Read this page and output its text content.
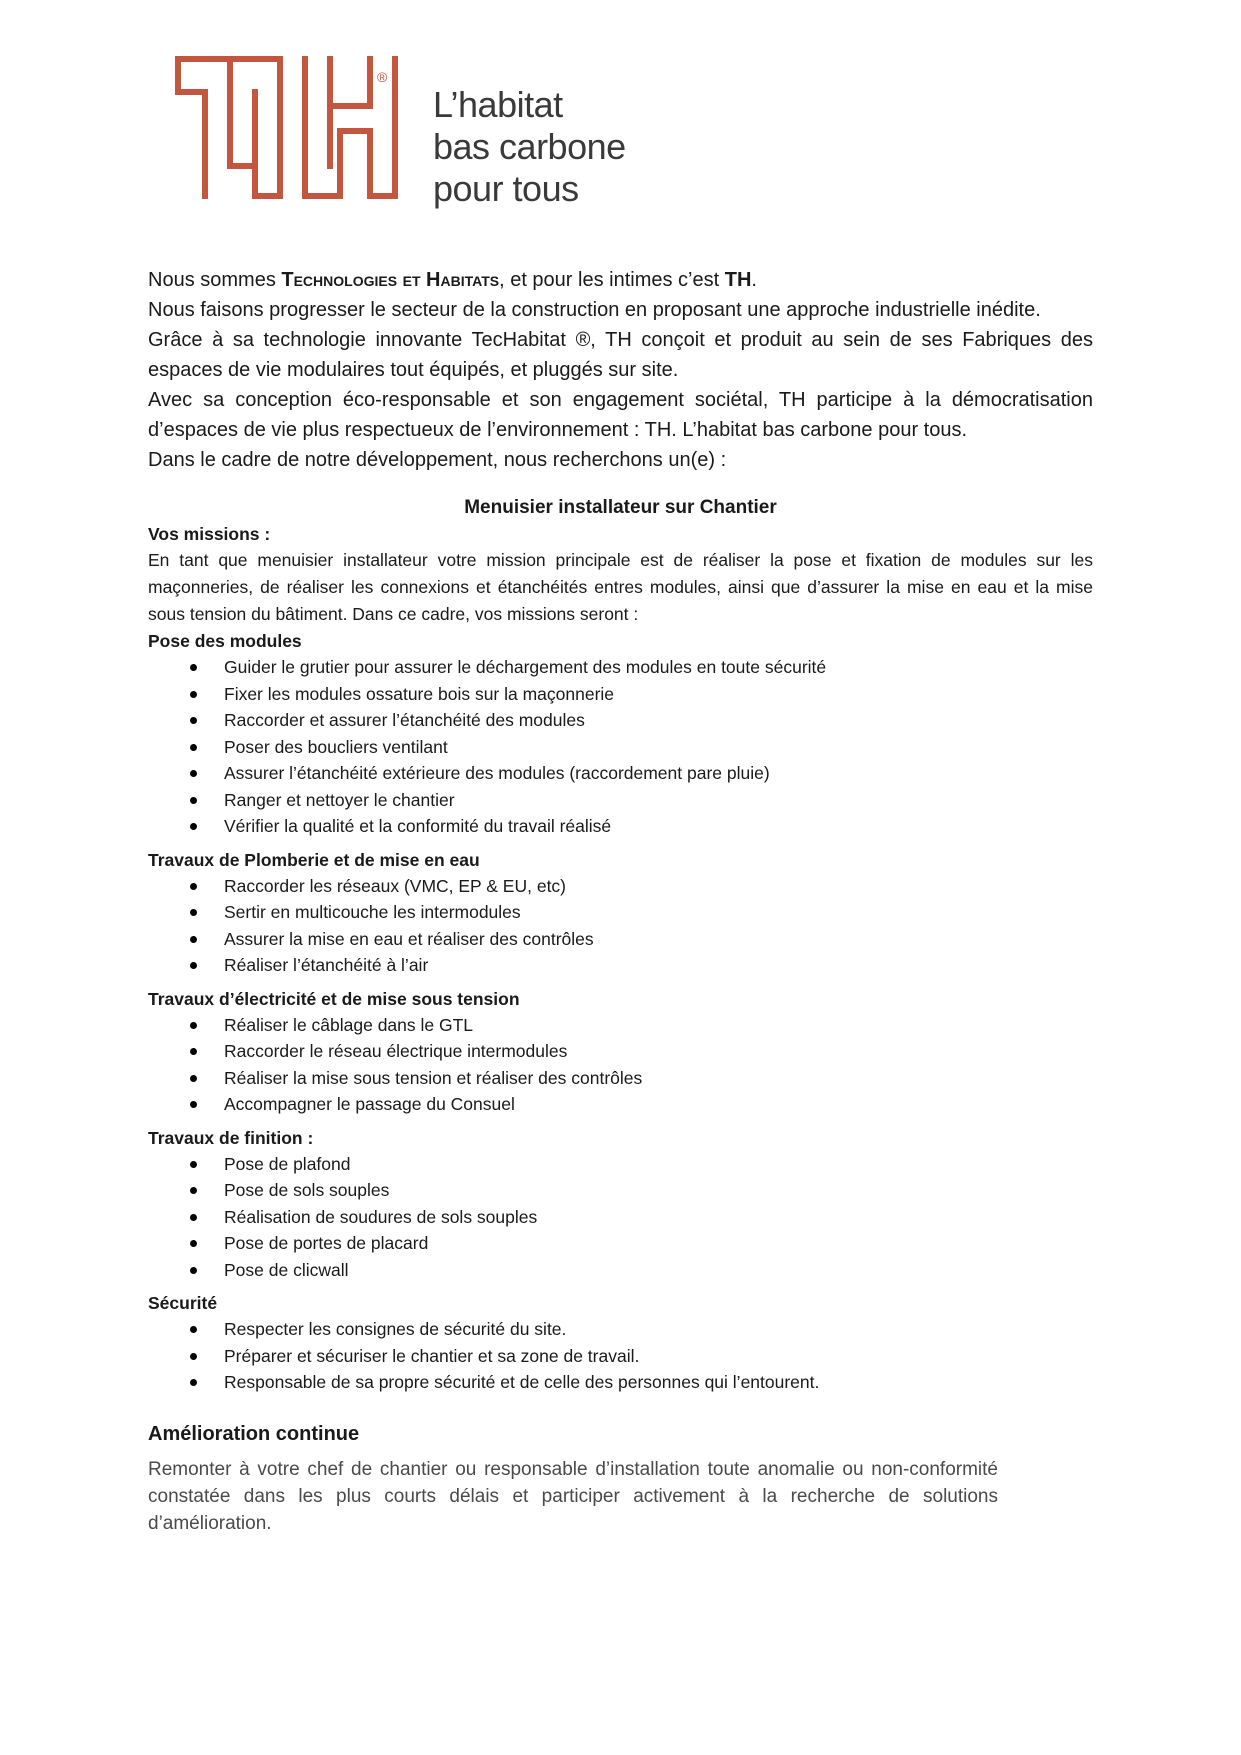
®
L’habitat
bas carbone
pour tous

Nous sommes Technologies et Habitats, et pour les intimes c’est TH.

Nous faisons progresser le secteur de la construction en proposant une approche industrielle inédite.

Grâce à sa technologie innovante TecHabitat ®, TH conçoit et produit au sein de ses Fabriques des espaces de vie modulaires tout équipés, et pluggés sur site.

Avec sa conception éco-responsable et son engagement sociétal, TH participe à la démocratisation d’espaces de vie plus respectueux de l’environnement : TH. L’habitat bas carbone pour tous.

Dans le cadre de notre développement, nous recherchons un(e) :

Menuisier installateur sur Chantier
Vos missions :

En tant que menuisier installateur votre mission principale est de réaliser la pose et fixation de modules sur les maçonneries, de réaliser les connexions et étanchéités entres modules, ainsi que d’assurer la mise en eau et la mise sous tension du bâtiment. Dans ce cadre, vos missions seront :

Pose des modules
Guider le grutier pour assurer le déchargement des modules en toute sécurité
Fixer les modules ossature bois sur la maçonnerie
Raccorder et assurer l’étanchéité des modules
Poser des boucliers ventilant
Assurer l’étanchéité extérieure des modules (raccordement pare pluie)
Ranger et nettoyer le chantier
Vérifier la qualité et la conformité du travail réalisé
Travaux de Plomberie et de mise en eau
Raccorder les réseaux (VMC, EP & EU, etc)
Sertir en multicouche les intermodules
Assurer la mise en eau et réaliser des contrôles
Réaliser l’étanchéité à l’air
Travaux d’électricité et de mise sous tension
Réaliser le câblage dans le GTL
Raccorder le réseau électrique intermodules
Réaliser la mise sous tension et réaliser des contrôles
Accompagner le passage du Consuel
Travaux de finition :
Pose de plafond
Pose de sols souples
Réalisation de soudures de sols souples
Pose de portes de placard
Pose de clicwall
Sécurité
Respecter les consignes de sécurité du site.
Préparer et sécuriser le chantier et sa zone de travail.
Responsable de sa propre sécurité et de celle des personnes qui l’entourent.
Amélioration continue
Remonter à votre chef de chantier ou responsable d’installation toute anomalie ou non-conformité constatée dans les plus courts délais et participer activement à la recherche de solutions d’amélioration.
